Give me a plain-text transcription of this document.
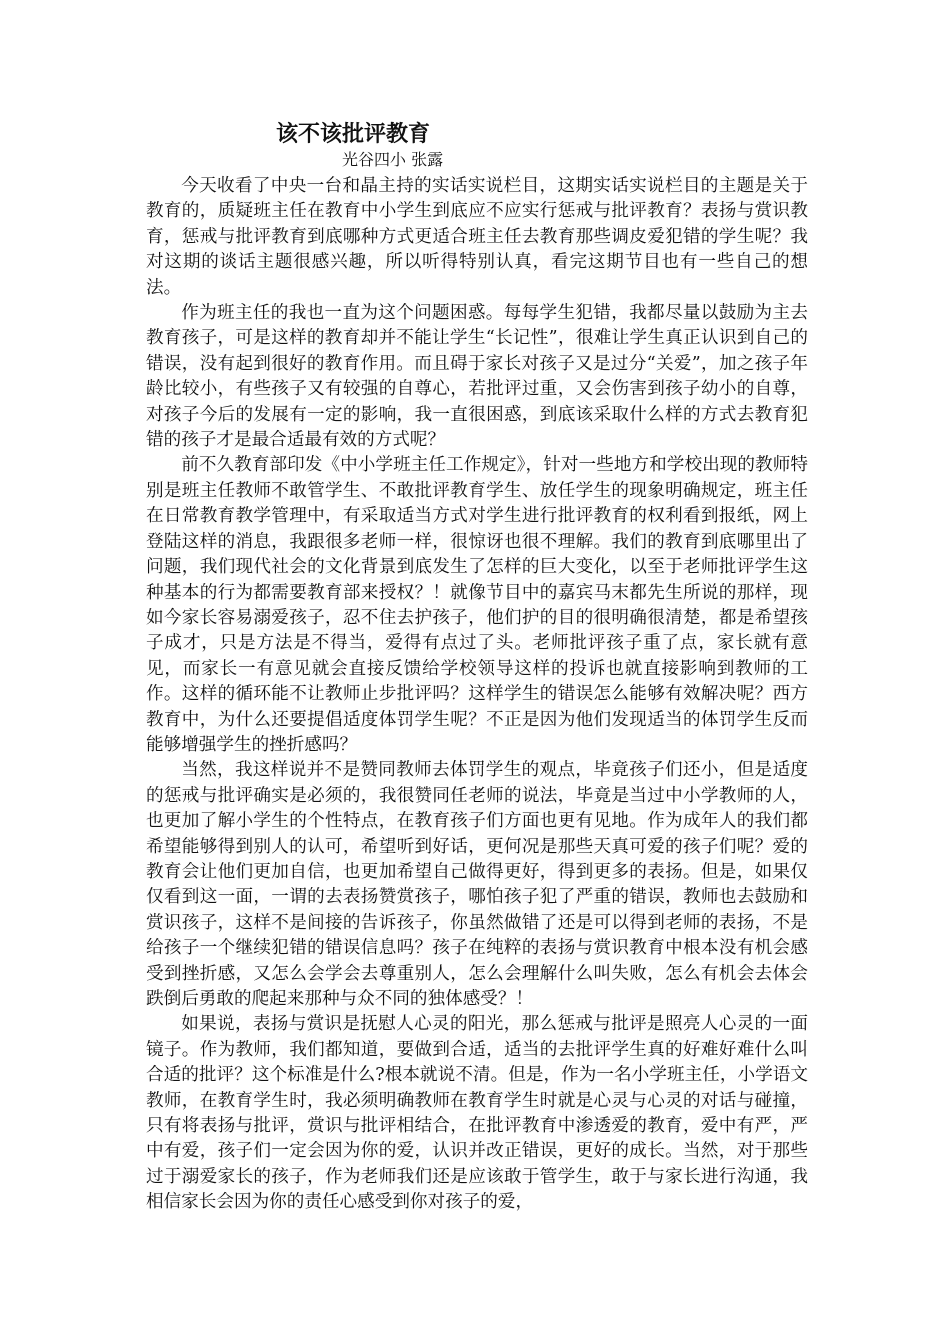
该不该批评教育
光谷四小 张露

今天收看了中央一台和晶主持的实话实说栏目，这期实话实说栏目的主题是关于教育的，质疑班主任在教育中小学生到底应不应实行惩戒与批评教育？表扬与赏识教育，惩戒与批评教育到底哪种方式更适合班主任去教育那些调皮爱犯错的学生呢？我对这期的谈话主题很感兴趣，所以听得特别认真，看完这期节目也有一些自己的想法。

作为班主任的我也一直为这个问题困惑。每每学生犯错，我都尽量以鼓励为主去教育孩子，可是这样的教育却并不能让学生“长记性”，很难让学生真正认识到自己的错误，没有起到很好的教育作用。而且碍于家长对孩子又是过分“关爱”，加之孩子年龄比较小，有些孩子又有较强的自尊心，若批评过重，又会伤害到孩子幼小的自尊，对孩子今后的发展有一定的影响，我一直很困惑，到底该采取什么样的方式去教育犯错的孩子才是最合适最有效的方式呢？

前不久教育部印发《中小学班主任工作规定》，针对一些地方和学校出现的教师特别是班主任教师不敢管学生、不敢批评教育学生、放任学生的现象明确规定，班主任在日常教育教学管理中，有采取适当方式对学生进行批评教育的权利看到报纸，网上登陆这样的消息，我跟很多老师一样，很惊讶也很不理解。我们的教育到底哪里出了问题，我们现代社会的文化背景到底发生了怎样的巨大变化，以至于老师批评学生这种基本的行为都需要教育部来授权？！就像节目中的嘉宾马末都先生所说的那样，现如今家长容易溺爱孩子，忍不住去护孩子，他们护的目的很明确很清楚，都是希望孩子成才，只是方法是不得当，爱得有点过了头。老师批评孩子重了点，家长就有意见，而家长一有意见就会直接反馈给学校领导这样的投诉也就直接影响到教师的工作。这样的循环能不让教师止步批评吗？这样学生的错误怎么能够有效解决呢？西方教育中，为什么还要提倡适度体罚学生呢？不正是因为他们发现适当的体罚学生反而能够增强学生的挫折感吗？

当然，我这样说并不是赞同教师去体罚学生的观点，毕竟孩子们还小，但是适度的惩戒与批评确实是必须的，我很赞同任老师的说法，毕竟是当过中小学教师的人，也更加了解小学生的个性特点，在教育孩子们方面也更有见地。作为成年人的我们都希望能够得到别人的认可，希望听到好话，更何况是那些天真可爱的孩子们呢？爱的教育会让他们更加自信，也更加希望自己做得更好，得到更多的表扬。但是，如果仅仅看到这一面，一谓的去表扬赞赏孩子，哪怕孩子犯了严重的错误，教师也去鼓励和赏识孩子，这样不是间接的告诉孩子，你虽然做错了还是可以得到老师的表扬，不是给孩子一个继续犯错的错误信息吗？孩子在纯粹的表扬与赏识教育中根本没有机会感受到挫折感，又怎么会学会去尊重别人，怎么会理解什么叫失败，怎么有机会去体会跌倒后勇敢的爬起来那种与众不同的独体感受？！

如果说，表扬与赏识是抚慰人心灵的阳光，那么惩戒与批评是照亮人心灵的一面镜子。作为教师，我们都知道，要做到合适，适当的去批评学生真的好难好难什么叫合适的批评？这个标准是什么?根本就说不清。但是，作为一名小学班主任，小学语文教师，在教育学生时，我必须明确教师在教育学生时就是心灵与心灵的对话与碰撞，只有将表扬与批评，赏识与批评相结合，在批评教育中渗透爱的教育，爱中有严，严中有爱，孩子们一定会因为你的爱，认识并改正错误，更好的成长。当然，对于那些过于溺爱家长的孩子，作为老师我们还是应该敢于管学生，敢于与家长进行沟通，我相信家长会因为你的责任心感受到你对孩子的爱，
